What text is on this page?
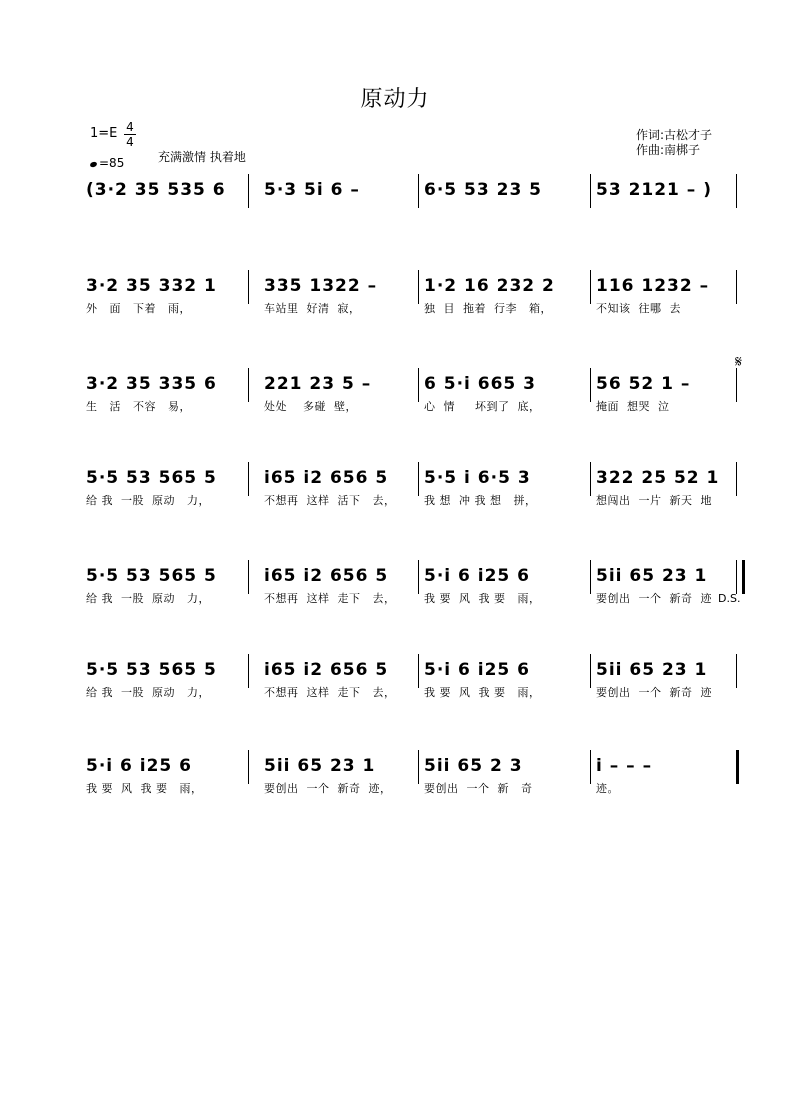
原动力
1=E 4
4
=85	充满激情 执着地
作词:古松才子
作曲:南梆子
(3·2 35 535 6 5·3 5i 6 –	6·5 53 23 5	53 2121 – )
3·2 35 332 1
外   面   下着   雨，
335 1322 –
车站里  好清  寂，
1·2 16 232 2
独  目  拖着  行李   箱，
116 1232 –
不知该  往哪  去
3·2 35 335 6
生   活   不容   易，
221 23 5 –
处处    多碰  壁，
6 5·i 665 3
心  情     坏到了  底，
56 52 1 –
掩面  想哭  泣
𝄋
5·5 53 565 5
给 我  一股  原动   力，
i65 i2 656 5
不想再  这样  活下   去，
5·5 i 6·5 3
我 想  冲 我 想   拼，
322 25 52 1
想闯出  一片  新天  地
5·5 53 565 5
给 我  一股  原动   力，
i65 i2 656 5
不想再  这样  走下   去，
5·i 6 i25 6
我 要  风  我 要   雨，
5ii 65 23 1
要创出  一个  新奇  迹 D.S.
5·5 53 565 5
给 我  一股  原动   力，
i65 i2 656 5
不想再  这样  走下   去，
5·i 6 i25 6
我 要  风  我 要   雨，
5ii 65 23 1
要创出  一个  新奇  迹
5·i 6 i25 6
我 要  风  我 要   雨，
5ii 65 23 1
要创出  一个  新奇  迹，
5ii 65 2 3
要创出  一个  新   奇
i – – –
迹。
